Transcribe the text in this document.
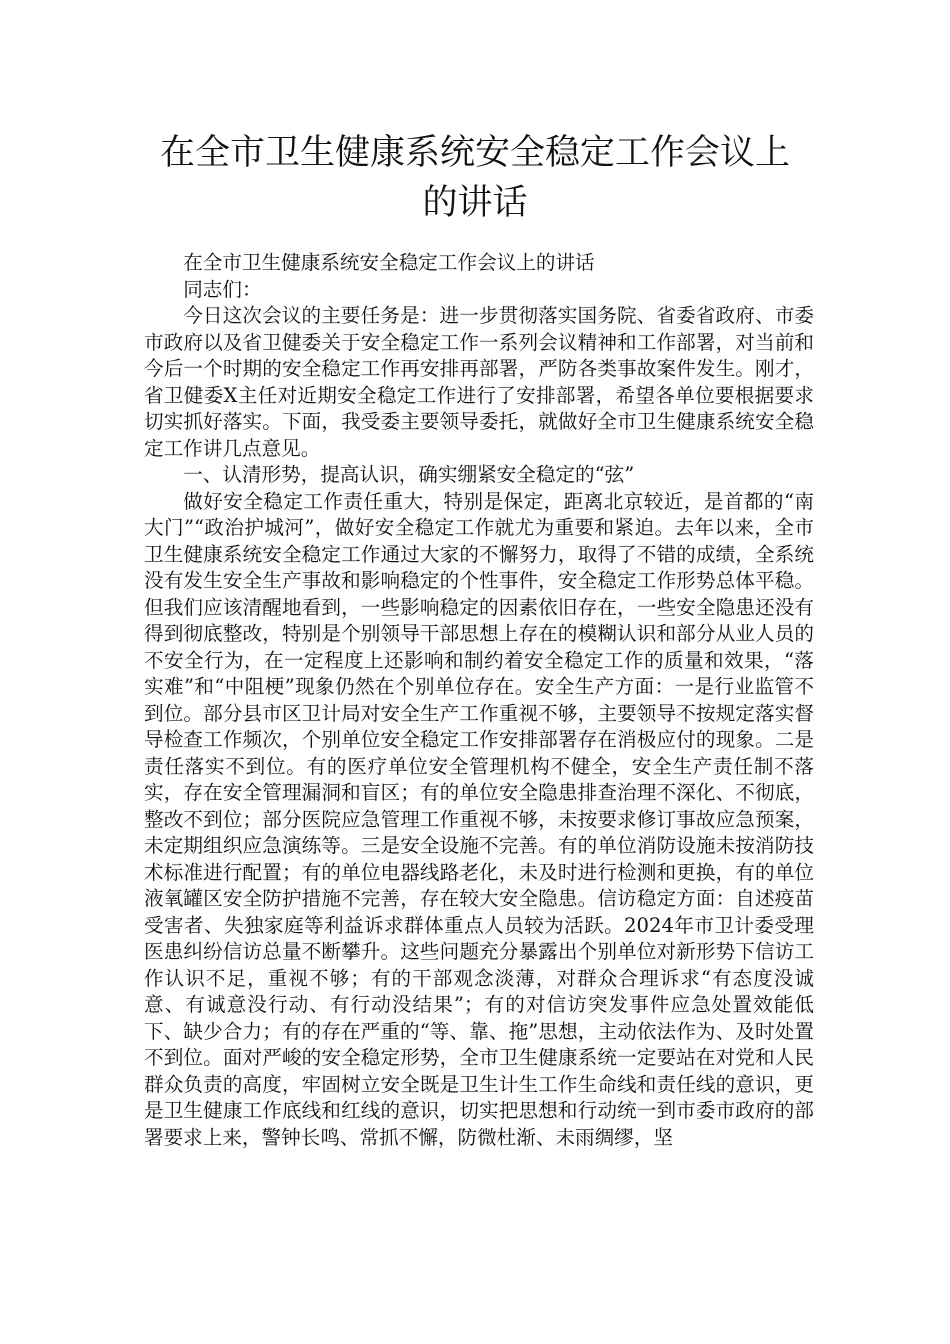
在全市卫生健康系统安全稳定工作会议上
的讲话

在全市卫生健康系统安全稳定工作会议上的讲话

同志们：

今日这次会议的主要任务是：进一步贯彻落实国务院、省委省政府、市委市政府以及省卫健委关于安全稳定工作一系列会议精神和工作部署，对当前和今后一个时期的安全稳定工作再安排再部署，严防各类事故案件发生。刚才，省卫健委X主任对近期安全稳定工作进行了安排部署，希望各单位要根据要求切实抓好落实。下面，我受委主要领导委托，就做好全市卫生健康系统安全稳定工作讲几点意见。

一、认清形势，提高认识，确实绷紧安全稳定的“弦”

做好安全稳定工作责任重大，特别是保定，距离北京较近，是首都的“南大门”“政治护城河”，做好安全稳定工作就尤为重要和紧迫。去年以来，全市卫生健康系统安全稳定工作通过大家的不懈努力，取得了不错的成绩，全系统没有发生安全生产事故和影响稳定的个性事件，安全稳定工作形势总体平稳。但我们应该清醒地看到，一些影响稳定的因素依旧存在，一些安全隐患还没有得到彻底整改，特别是个别领导干部思想上存在的模糊认识和部分从业人员的不安全行为，在一定程度上还影响和制约着安全稳定工作的质量和效果，“落实难”和“中阻梗”现象仍然在个别单位存在。安全生产方面：一是行业监管不到位。部分县市区卫计局对安全生产工作重视不够，主要领导不按规定落实督导检查工作频次，个别单位安全稳定工作安排部署存在消极应付的现象。二是责任落实不到位。有的医疗单位安全管理机构不健全，安全生产责任制不落实，存在安全管理漏洞和盲区；有的单位安全隐患排查治理不深化、不彻底，整改不到位；部分医院应急管理工作重视不够，未按要求修订事故应急预案，未定期组织应急演练等。三是安全设施不完善。有的单位消防设施未按消防技术标准进行配置；有的单位电器线路老化，未及时进行检测和更换，有的单位液氧罐区安全防护措施不完善，存在较大安全隐患。信访稳定方面：自述疫苗受害者、失独家庭等利益诉求群体重点人员较为活跃。2024年市卫计委受理医患纠纷信访总量不断攀升。这些问题充分暴露出个别单位对新形势下信访工作认识不足，重视不够；有的干部观念淡薄，对群众合理诉求“有态度没诚意、有诚意没行动、有行动没结果”；有的对信访突发事件应急处置效能低下、缺少合力；有的存在严重的“等、靠、拖”思想，主动依法作为、及时处置不到位。面对严峻的安全稳定形势，全市卫生健康系统一定要站在对党和人民群众负责的高度，牢固树立安全既是卫生计生工作生命线和责任线的意识，更是卫生健康工作底线和红线的意识，切实把思想和行动统一到市委市政府的部署要求上来，警钟长鸣、常抓不懈，防微杜渐、未雨绸缪，坚
